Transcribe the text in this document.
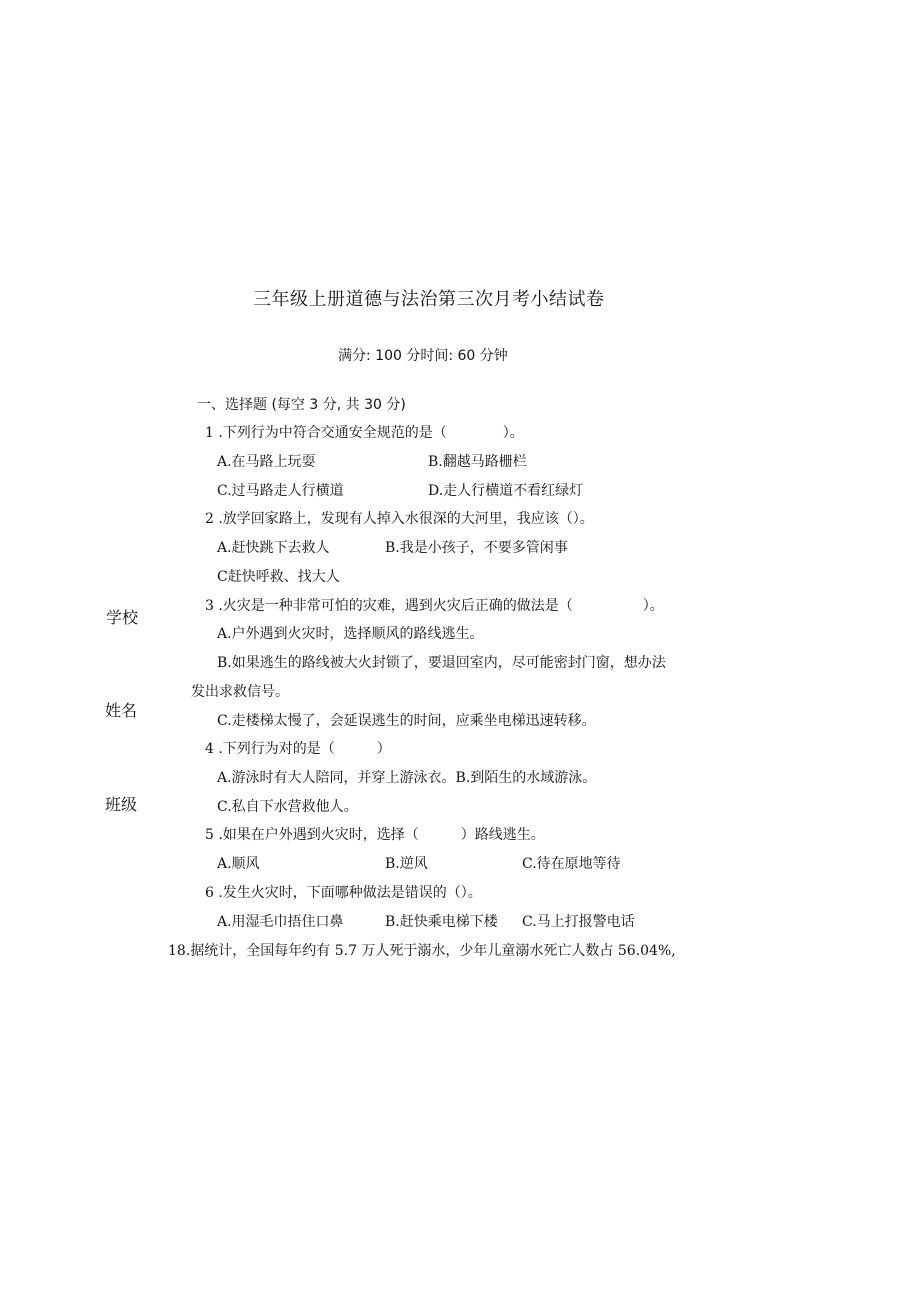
三年级上册道德与法治第三次月考小结试卷
满分: 100 分时间: 60 分钟
一、选择题 (每空 3 分, 共 30 分)
学校
姓名
班级
1 .下列行为中符合交通安全规范的是（　　　　）。
A.在马路上玩耍	B.翻越马路栅栏
C.过马路走人行横道	D.走人行横道不看红绿灯
2 .放学回家路上，发现有人掉入水很深的大河里，我应该（）。
A.赶快跳下去救人	B.我是小孩子，不要多管闲事
C赶快呼救、找大人
3 .火灾是一种非常可怕的灾难，遇到火灾后正确的做法是（　　　　　）。
A.户外遇到火灾时，选择顺风的路线逃生。
B.如果逃生的路线被大火封锁了，要退回室内，尽可能密封门窗，想办法
发出求救信号。
C.走楼梯太慢了，会延误逃生的时间，应乘坐电梯迅速转移。
4 .下列行为对的是（　　　）
A.游泳时有大人陪同，并穿上游泳衣。B.到陌生的水域游泳。
C.私自下水营救他人。
5 .如果在户外遇到火灾时，选择（　　　）路线逃生。
A.顺风	B.逆风	C.待在原地等待
6 .发生火灾时，下面哪种做法是错误的（）。
A.用湿毛巾捂住口鼻	B.赶快乘电梯下楼 C.马上打报警电话
18.据统计，全国每年约有 5.7 万人死于溺水，少年儿童溺水死亡人数占 56.04%,
